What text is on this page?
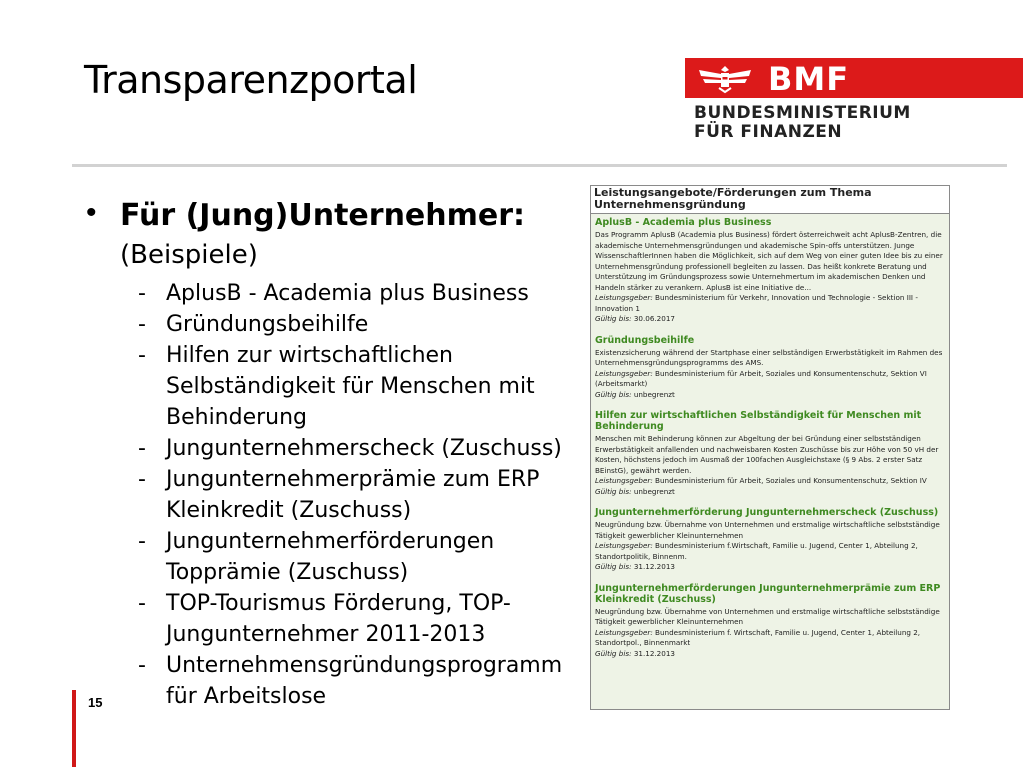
Transparenzportal	BMF
BUNDESMINISTERIUM
FÜR FINANZEN
• Für (Jung)Unternehmer:
(Beispiele)
- AplusB - Academia plus Business
- Gründungsbeihilfe
- Hilfen zur wirtschaftlichen Selbständigkeit für Menschen mit Behinderung
- Jungunternehmerscheck (Zuschuss)
- Jungunternehmerprämie zum ERP Kleinkredit (Zuschuss)
- Jungunternehmerförderungen Topprämie (Zuschuss)
- TOP-Tourismus Förderung, TOP-Jungunternehmer 2011-2013
- Unternehmensgründungsprogramm für Arbeitslose
15
Leistungsangebote/Förderungen zum Thema Unternehmensgründung
AplusB - Academia plus Business
Das Programm AplusB (Academia plus Business) fördert österreichweit acht AplusB-Zentren, die akademische Unternehmensgründungen und akademische Spin-offs unterstützen. Junge WissenschaftlerInnen haben die Möglichkeit, sich auf dem Weg von einer guten Idee bis zu einer Unternehmensgründung professionell begleiten zu lassen. Das heißt konkrete Beratung und Unterstützung im Gründungsprozess sowie Unternehmertum im akademischen Denken und Handeln stärker zu verankern. AplusB ist eine Initiative de...
Leistungsgeber: Bundesministerium für Verkehr, Innovation und Technologie - Sektion III - Innovation 1
Gültig bis: 30.06.2017
Gründungsbeihilfe
Existenzsicherung während der Startphase einer selbständigen Erwerbstätigkeit im Rahmen des Unternehmensgründungsprogramms des AMS.
Leistungsgeber: Bundesministerium für Arbeit, Soziales und Konsumentenschutz, Sektion VI (Arbeitsmarkt)
Gültig bis: unbegrenzt
Hilfen zur wirtschaftlichen Selbständigkeit für Menschen mit Behinderung
Menschen mit Behinderung können zur Abgeltung der bei Gründung einer selbstständigen Erwerbstätigkeit anfallenden und nachweisbaren Kosten Zuschüsse bis zur Höhe von 50 vH der Kosten, höchstens jedoch im Ausmaß der 100fachen Ausgleichstaxe (§ 9 Abs. 2 erster Satz BEinstG), gewährt werden.
Leistungsgeber: Bundesministerium für Arbeit, Soziales und Konsumentenschutz, Sektion IV
Gültig bis: unbegrenzt
Jungunternehmerförderung Jungunternehmerscheck (Zuschuss)
Neugründung bzw. Übernahme von Unternehmen und erstmalige wirtschaftliche selbstständige Tätigkeit gewerblicher Kleinunternehmen
Leistungsgeber: Bundesministerium f.Wirtschaft, Familie u. Jugend, Center 1, Abteilung 2, Standortpolitik, Binnenm.
Gültig bis: 31.12.2013
Jungunternehmerförderungen Jungunternehmerprämie zum ERP Kleinkredit (Zuschuss)
Neugründung bzw. Übernahme von Unternehmen und erstmalige wirtschaftliche selbstständige Tätigkeit gewerblicher Kleinunternehmen
Leistungsgeber: Bundesministerium f. Wirtschaft, Familie u. Jugend, Center 1, Abteilung 2, Standortpol., Binnenmarkt
Gültig bis: 31.12.2013
